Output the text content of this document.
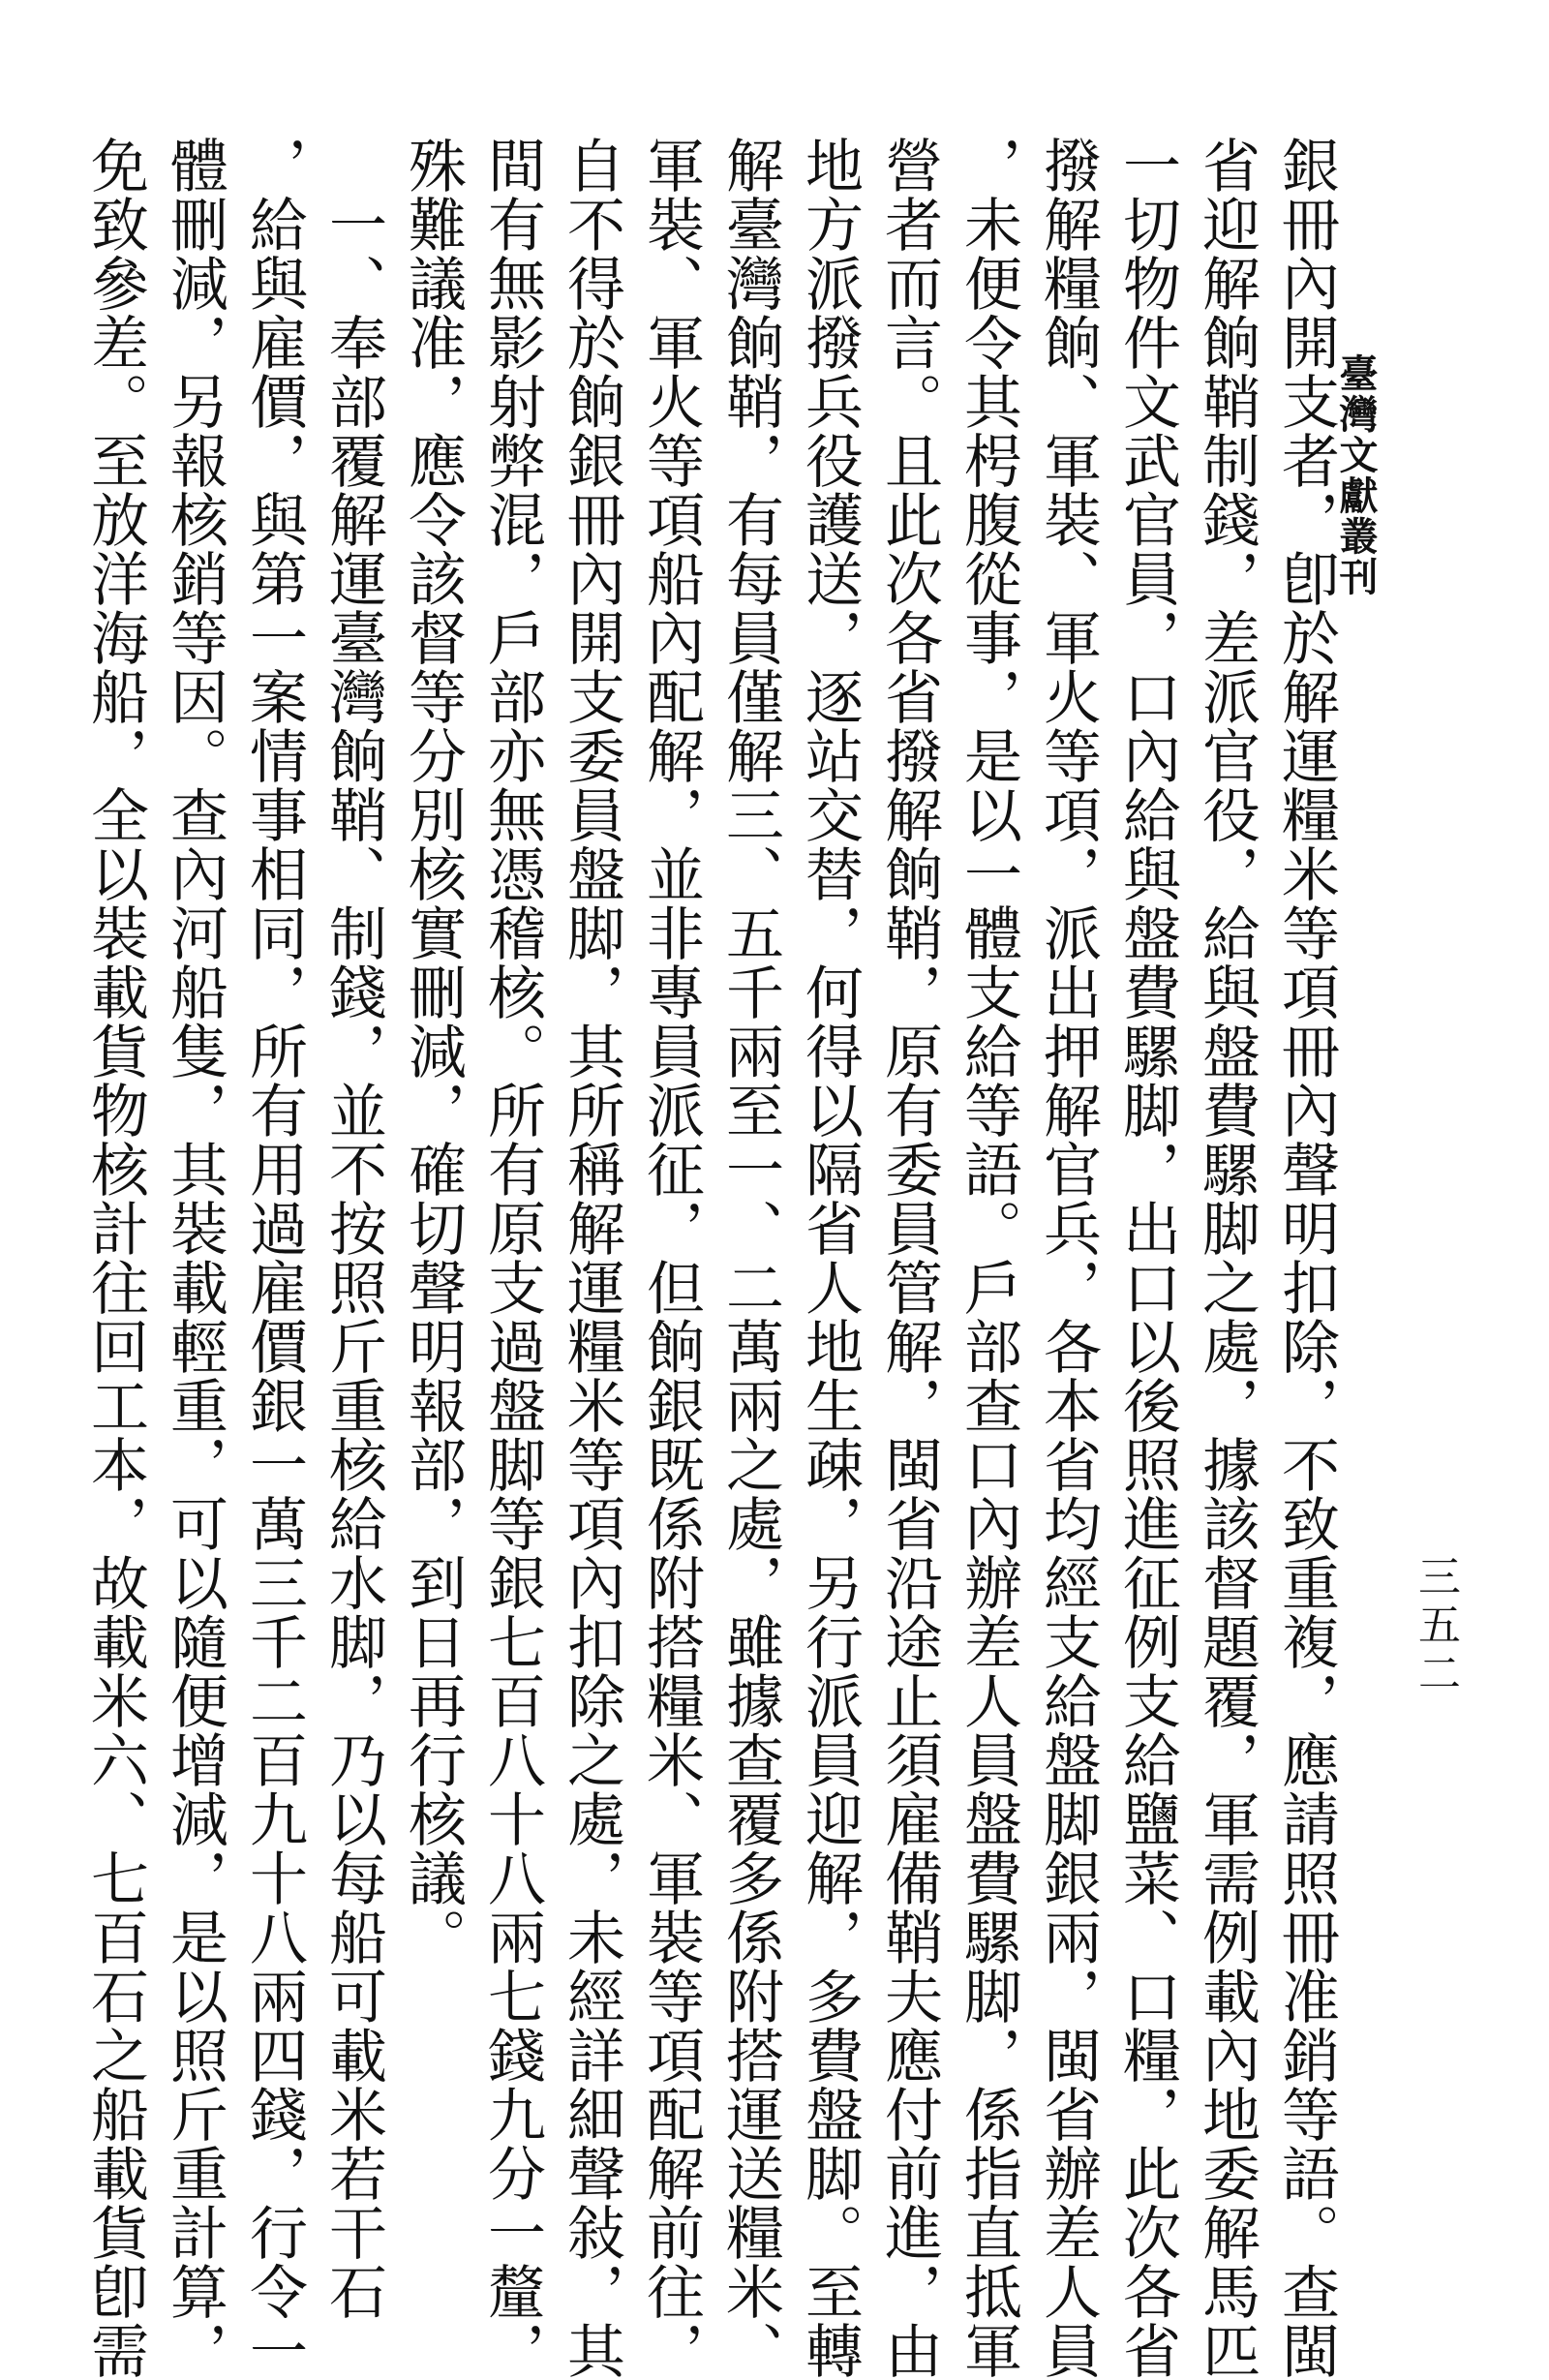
臺灣文獻叢刊
三五二
銀冊內開支者，卽於解運糧米等項冊內聲明扣除，不致重複，應請照冊准銷等語。查閩
省迎解餉鞘制錢，差派官役，給與盤費騾脚之處，據該督題覆，軍需例載內地委解馬匹
一切物件文武官員，口內給與盤費騾脚，出口以後照進征例支給鹽菜、口糧，此次各省
撥解糧餉、軍裝、軍火等項，派出押解官兵，各本省均經支給盤脚銀兩，閩省辦差人員
，未便令其枵腹從事，是以一體支給等語。戶部查口內辦差人員盤費騾脚，係指直抵軍
營者而言。且此次各省撥解餉鞘，原有委員管解，閩省沿途止須雇備鞘夫應付前進，由
地方派撥兵役護送，逐站交替，何得以隔省人地生疎，另行派員迎解，多費盤脚。至轉
解臺灣餉鞘，有每員僅解三、五千兩至一、二萬兩之處，雖據查覆多係附搭運送糧米、
軍裝、軍火等項船內配解，並非專員派征，但餉銀既係附搭糧米、軍裝等項配解前往，
自不得於餉銀冊內開支委員盤脚，其所稱解運糧米等項內扣除之處，未經詳細聲敍，其
間有無影射弊混，戶部亦無憑稽核。所有原支過盤脚等銀七百八十八兩七錢九分一釐，
殊難議准，應令該督等分別核實刪減，確切聲明報部，到日再行核議。
　一、奉部覆解運臺灣餉鞘、制錢，並不按照斤重核給水脚，乃以每船可載米若干石
，給與雇價，與第一案情事相同，所有用過雇價銀一萬三千二百九十八兩四錢，行令一
體刪減，另報核銷等因。查內河船隻，其裝載輕重，可以隨便增減，是以照斤重計算，
免致參差。至放洋海船，全以裝載貨物核計往回工本，故載米六、七百石之船載貨卽需
